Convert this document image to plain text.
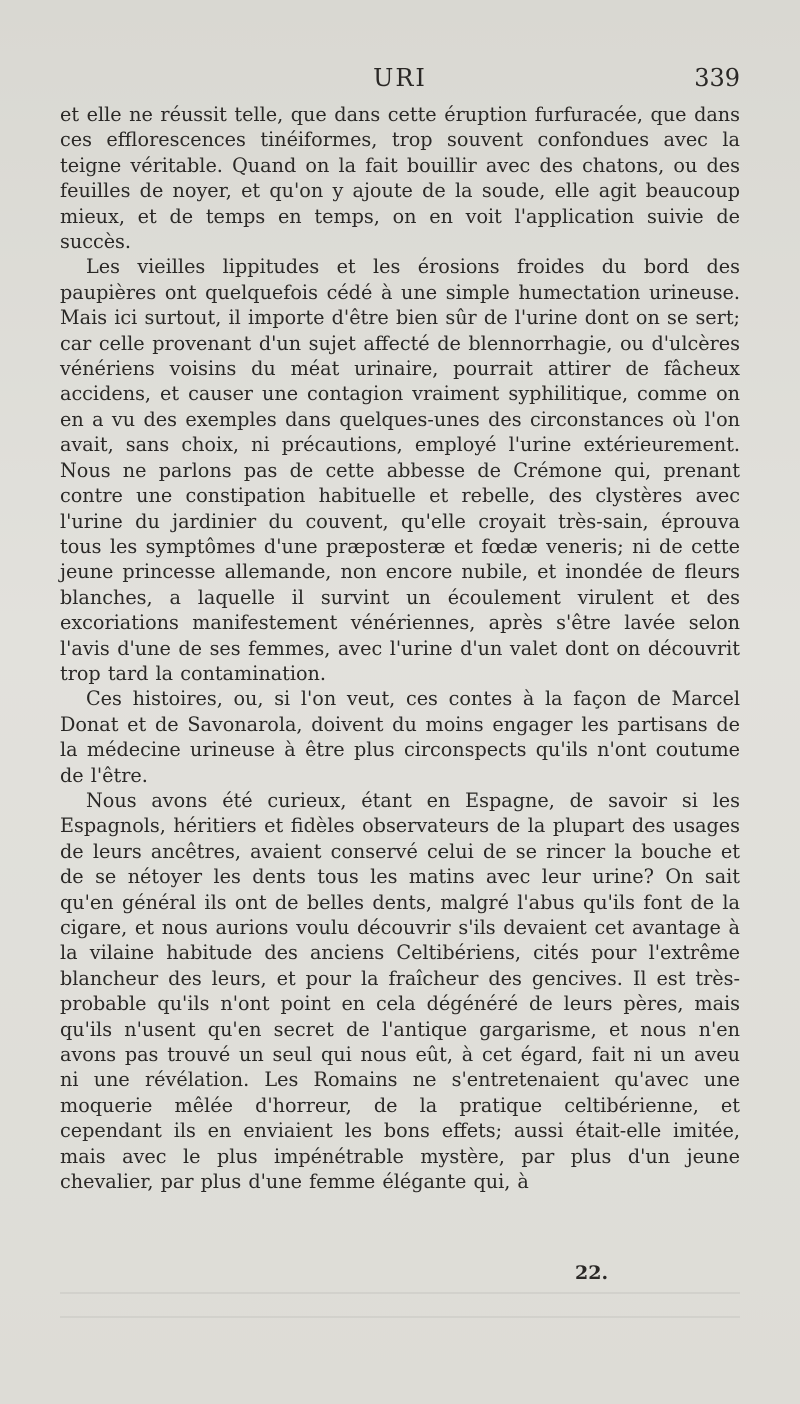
URI	339

et elle ne réussit telle, que dans cette éruption furfuracée, que dans ces efflorescences tinéiformes, trop souvent confondues avec la teigne véritable. Quand on la fait bouillir avec des chatons, ou des feuilles de noyer, et qu'on y ajoute de la soude, elle agit beaucoup mieux, et de temps en temps, on en voit l'application suivie de succès.

Les vieilles lippitudes et les érosions froides du bord des paupières ont quelquefois cédé à une simple humectation urineuse. Mais ici surtout, il importe d'être bien sûr de l'urine dont on se sert; car celle provenant d'un sujet affecté de blennorrhagie, ou d'ulcères vénériens voisins du méat urinaire, pourrait attirer de fâcheux accidens, et causer une contagion vraiment syphilitique, comme on en a vu des exemples dans quelques-unes des circonstances où l'on avait, sans choix, ni précautions, employé l'urine extérieurement. Nous ne parlons pas de cette abbesse de Crémone qui, prenant contre une constipation habituelle et rebelle, des clystères avec l'urine du jardinier du couvent, qu'elle croyait très-sain, éprouva tous les symptômes d'une præposteræ et fœdæ veneris; ni de cette jeune princesse allemande, non encore nubile, et inondée de fleurs blanches, a laquelle il survint un écoulement virulent et des excoriations manifestement vénériennes, après s'être lavée selon l'avis d'une de ses femmes, avec l'urine d'un valet dont on découvrit trop tard la contamination.

Ces histoires, ou, si l'on veut, ces contes à la façon de Marcel Donat et de Savonarola, doivent du moins engager les partisans de la médecine urineuse à être plus circonspects qu'ils n'ont coutume de l'être.

Nous avons été curieux, étant en Espagne, de savoir si les Espagnols, héritiers et fidèles observateurs de la plupart des usages de leurs ancêtres, avaient conservé celui de se rincer la bouche et de se nétoyer les dents tous les matins avec leur urine? On sait qu'en général ils ont de belles dents, malgré l'abus qu'ils font de la cigare, et nous aurions voulu découvrir s'ils devaient cet avantage à la vilaine habitude des anciens Celtibériens, cités pour l'extrême blancheur des leurs, et pour la fraîcheur des gencives. Il est très-probable qu'ils n'ont point en cela dégénéré de leurs pères, mais qu'ils n'usent qu'en secret de l'antique gargarisme, et nous n'en avons pas trouvé un seul qui nous eût, à cet égard, fait ni un aveu ni une révélation. Les Romains ne s'entretenaient qu'avec une moquerie mêlée d'horreur, de la pratique celtibérienne, et cependant ils en enviaient les bons effets; aussi était-elle imitée, mais avec le plus impénétrable mystère, par plus d'un jeune chevalier, par plus d'une femme élégante qui, à

22.
